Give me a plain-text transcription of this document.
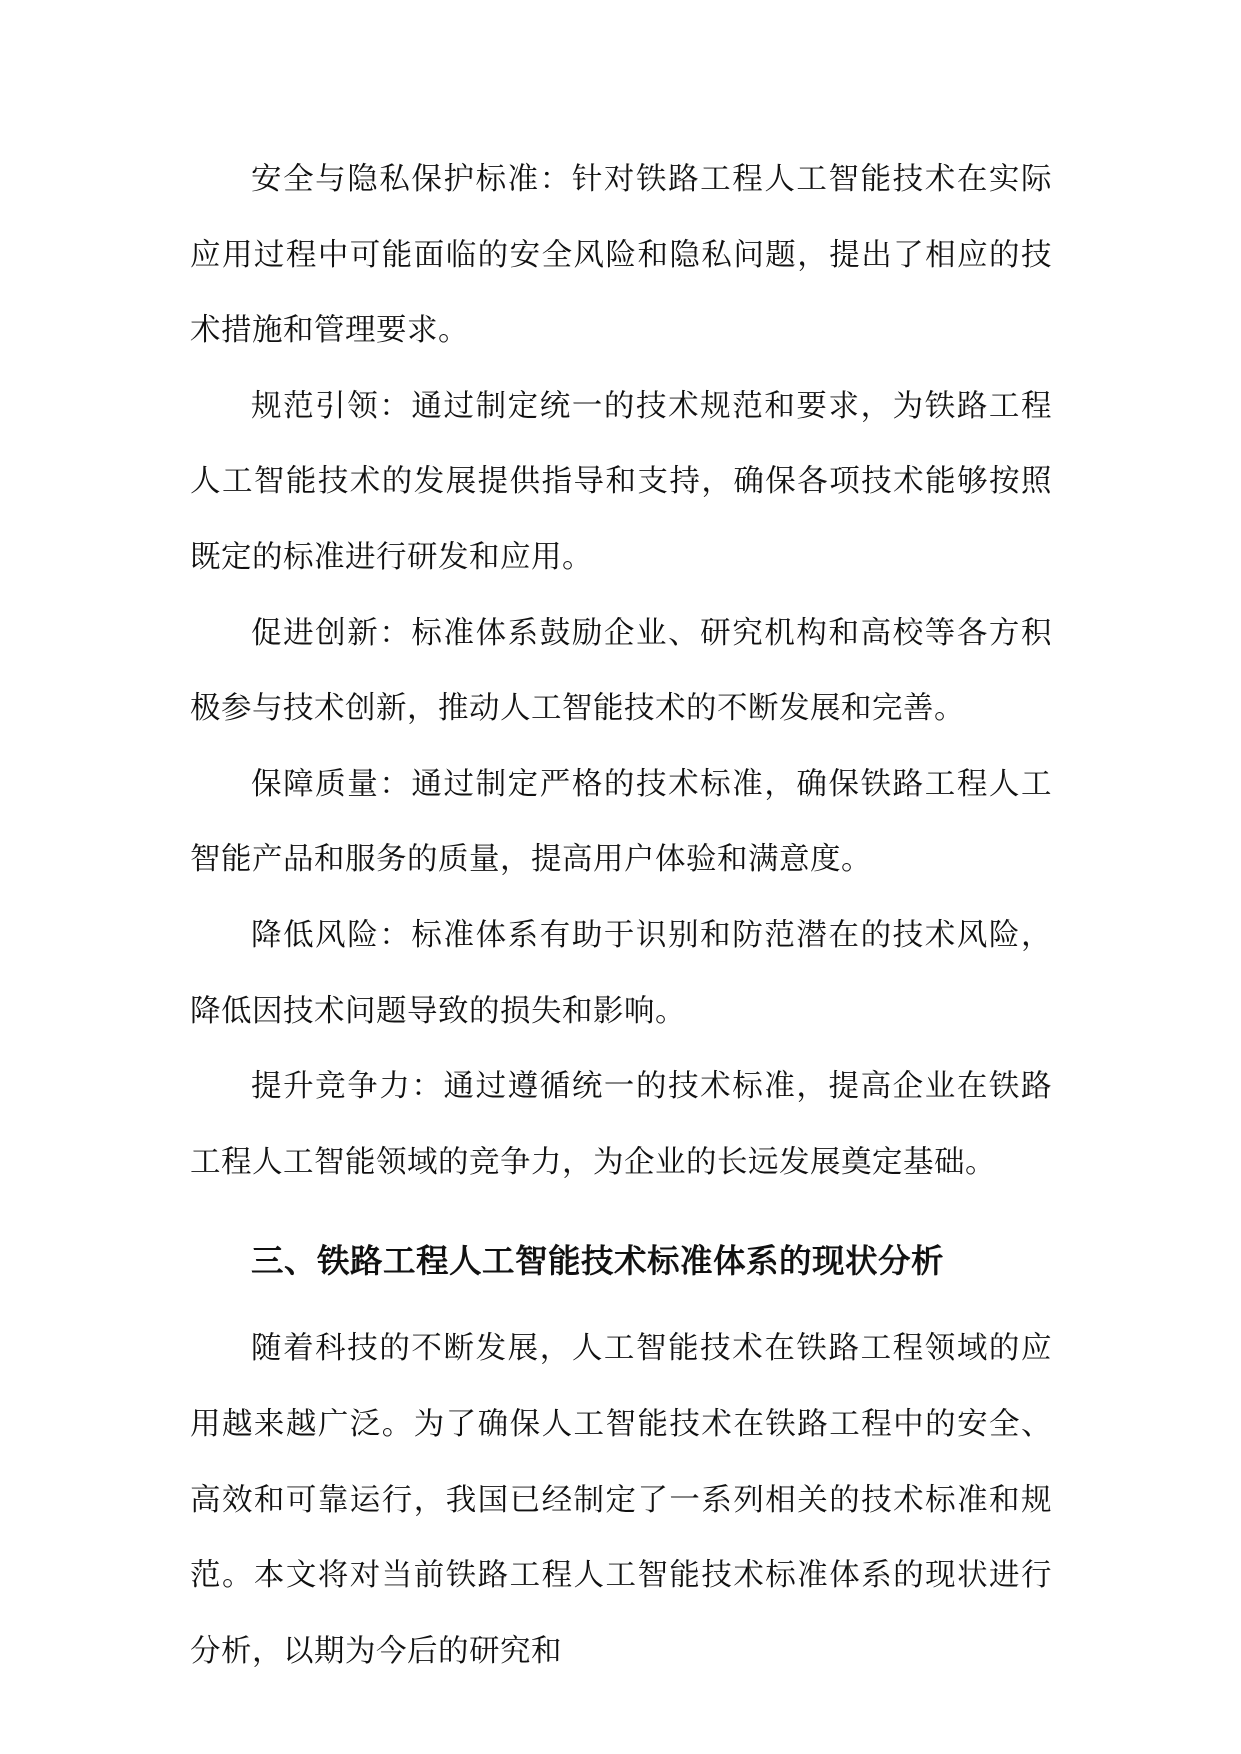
安全与隐私保护标准：针对铁路工程人工智能技术在实际应用过程中可能面临的安全风险和隐私问题，提出了相应的技术措施和管理要求。

规范引领：通过制定统一的技术规范和要求，为铁路工程人工智能技术的发展提供指导和支持，确保各项技术能够按照既定的标准进行研发和应用。

促进创新：标准体系鼓励企业、研究机构和高校等各方积极参与技术创新，推动人工智能技术的不断发展和完善。

保障质量：通过制定严格的技术标准，确保铁路工程人工智能产品和服务的质量，提高用户体验和满意度。

降低风险：标准体系有助于识别和防范潜在的技术风险，降低因技术问题导致的损失和影响。

提升竞争力：通过遵循统一的技术标准，提高企业在铁路工程人工智能领域的竞争力，为企业的长远发展奠定基础。

三、铁路工程人工智能技术标准体系的现状分析

随着科技的不断发展，人工智能技术在铁路工程领域的应用越来越广泛。为了确保人工智能技术在铁路工程中的安全、高效和可靠运行，我国已经制定了一系列相关的技术标准和规范。本文将对当前铁路工程人工智能技术标准体系的现状进行分析，以期为今后的研究和
